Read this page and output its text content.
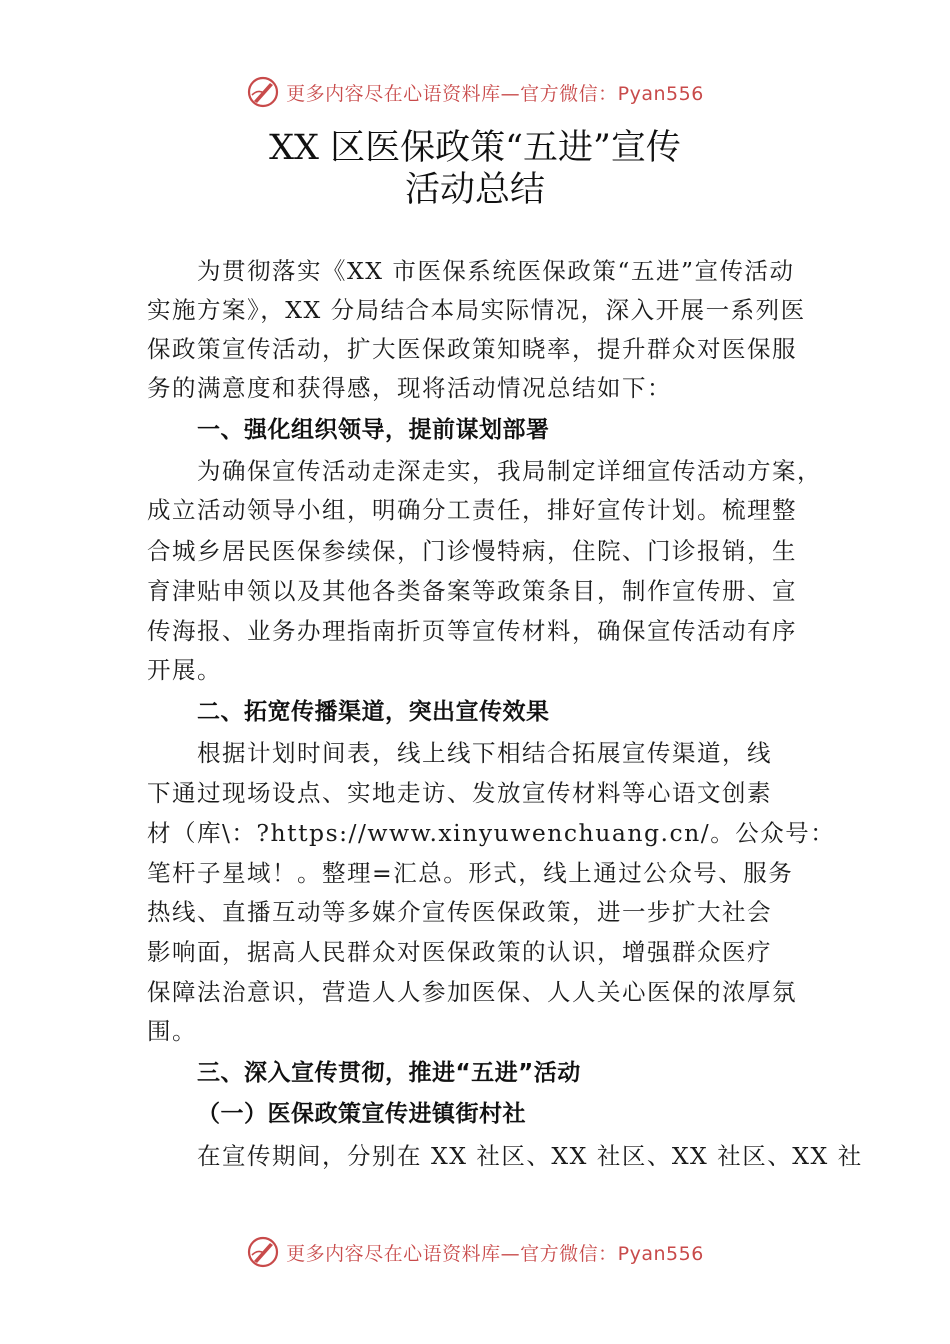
更多内容尽在心语资料库—官方微信：Pyan556
XX 区医保政策“五进”宣传
活动总结
为贯彻落实《XX 市医保系统医保政策“五进”宣传活动
实施方案》，XX 分局结合本局实际情况，深入开展一系列医
保政策宣传活动，扩大医保政策知晓率，提升群众对医保服
务的满意度和获得感，现将活动情况总结如下：
一、强化组织领导，提前谋划部署
为确保宣传活动走深走实，我局制定详细宣传活动方案，
成立活动领导小组，明确分工责任，排好宣传计划。梳理整
合城乡居民医保参续保，门诊慢特病，住院、门诊报销，生
育津贴申领以及其他各类备案等政策条目，制作宣传册、宣
传海报、业务办理指南折页等宣传材料，确保宣传活动有序
开展。
二、拓宽传播渠道，突出宣传效果
根据计划时间表，线上线下相结合拓展宣传渠道，线
下通过现场设点、实地走访、发放宣传材料等心语文创素
材（库\：?https://www.xinyuwenchuang.cn/。公众号：
笔杆子星域！。整理=汇总。形式，线上通过公众号、服务
热线、直播互动等多媒介宣传医保政策，进一步扩大社会
影响面，据高人民群众对医保政策的认识，增强群众医疗
保障法治意识，营造人人参加医保、人人关心医保的浓厚氛
围。
三、深入宣传贯彻，推进“五进”活动
（一）医保政策宣传进镇街村社
在宣传期间，分别在 XX 社区、XX 社区、XX 社区、XX 社
更多内容尽在心语资料库—官方微信：Pyan556
